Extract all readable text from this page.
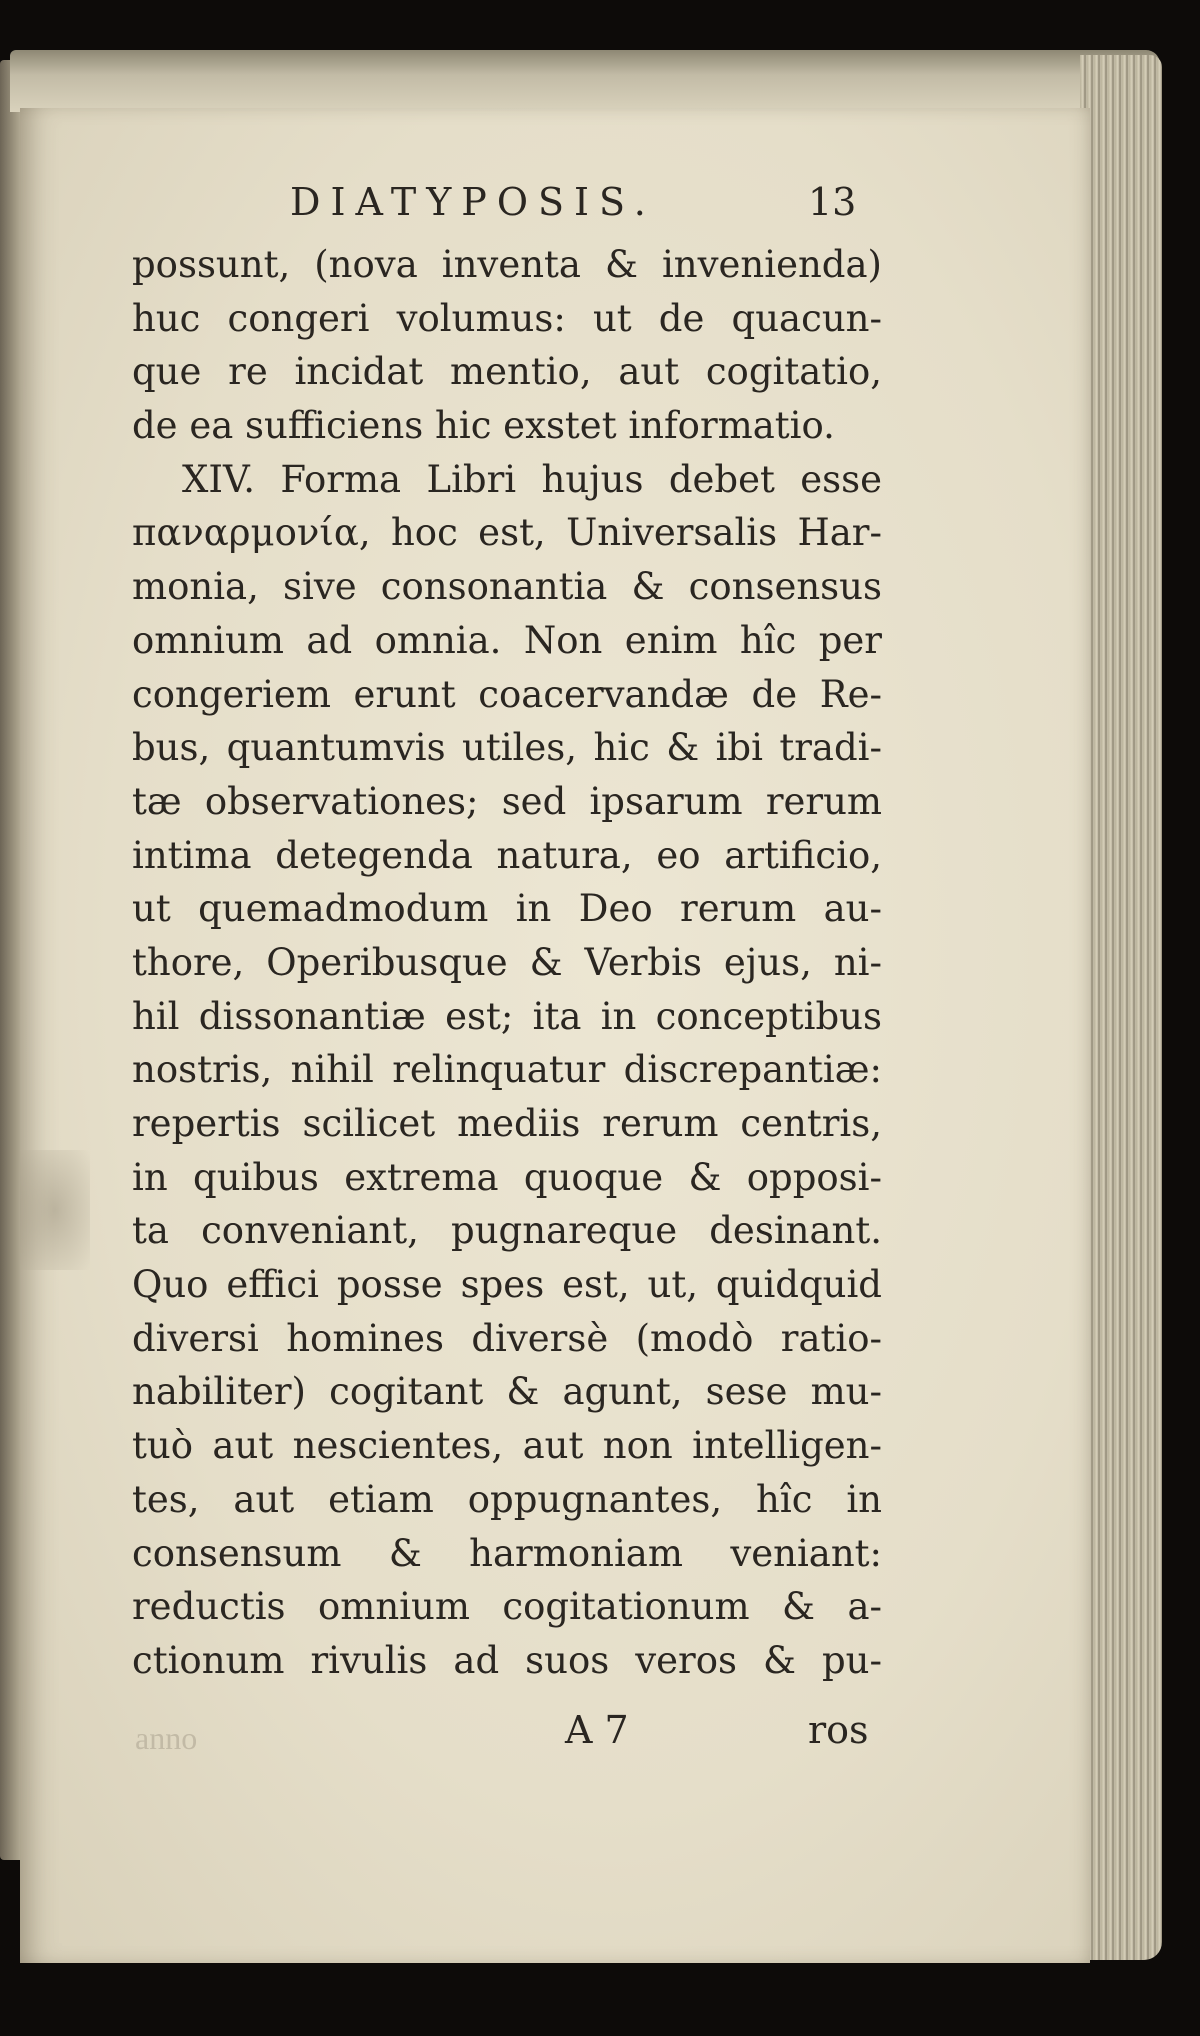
DIATYPOSIS.	13
possunt, (nova inventa & invenienda)
huc congeri volumus: ut de quacun-
que re incidat mentio, aut cogitatio,
de ea sufficiens hic exstet informatio.
XIV. Forma Libri hujus debet esse
παναρμονία, hoc est, Universalis Har-
monia, sive consonantia & consensus
omnium ad omnia. Non enim hîc per
congeriem erunt coacervandæ de Re-
bus, quantumvis utiles, hic & ibi tradi-
tæ observationes; sed ipsarum rerum
intima detegenda natura, eo artificio,
ut quemadmodum in Deo rerum au-
thore, Operibusque & Verbis ejus, ni-
hil dissonantiæ est; ita in conceptibus
nostris, nihil relinquatur discrepantiæ:
repertis scilicet mediis rerum centris,
in quibus extrema quoque & opposi-
ta conveniant, pugnareque desinant.
Quo effici posse spes est, ut, quidquid
diversi homines diversè (modò ratio-
nabiliter) cogitant & agunt, sese mu-
tuò aut nescientes, aut non intelligen-
tes, aut etiam oppugnantes, hîc in
consensum & harmoniam veniant:
reductis omnium cogitationum & a-
ctionum rivulis ad suos veros & pu-
anno	A 7	ros
